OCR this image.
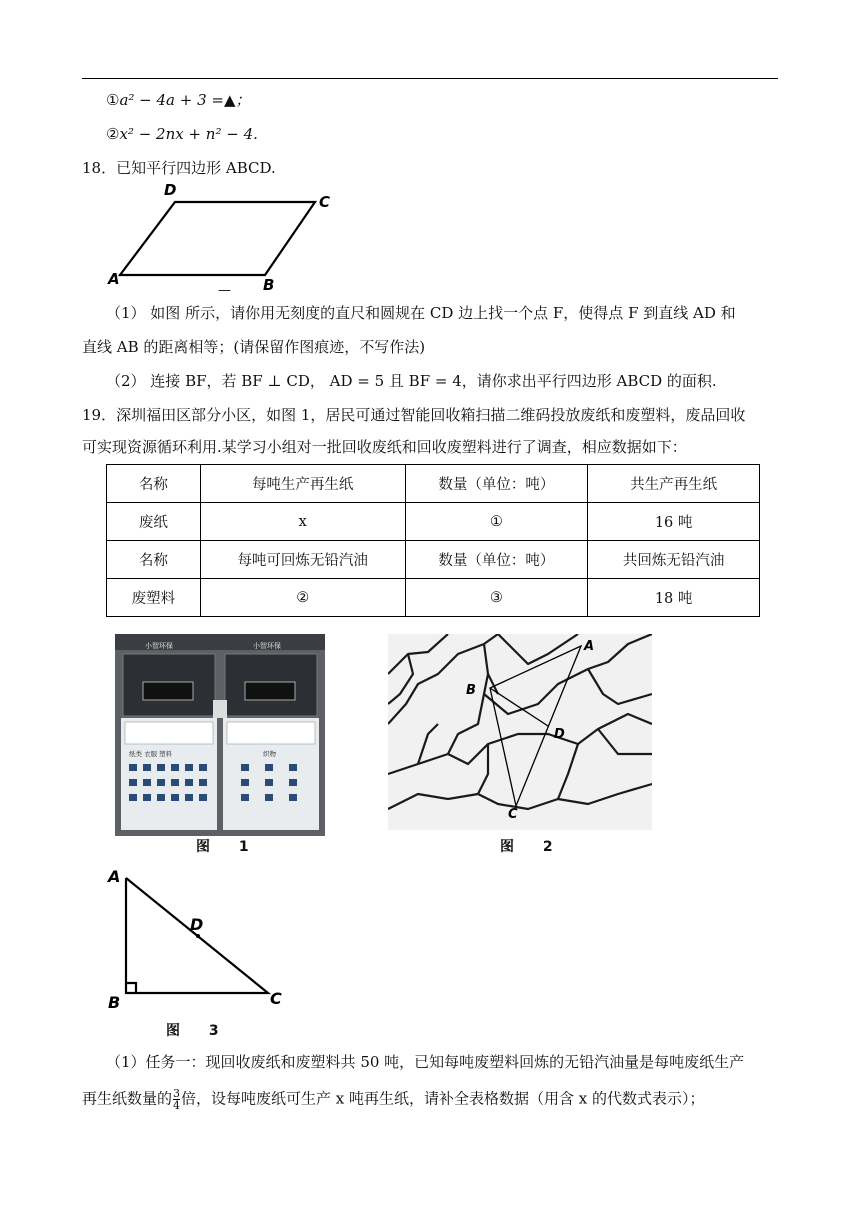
①a² − 4a + 3 =▲；
②x² − 2nx + n² − 4.
18．已知平行四边形 ABCD.
A	B
C
D
—
（1） 如图 所示，请你用无刻度的直尺和圆规在 CD 边上找一个点 F，使得点 F 到直线 AD 和
直线 AB 的距离相等；(请保留作图痕迹，不写作法)
（2） 连接 BF，若 BF ⊥ CD， AD = 5 且 BF = 4，请你求出平行四边形 ABCD 的面积.
19．深圳福田区部分小区，如图 1，居民可通过智能回收箱扫描二维码投放废纸和废塑料，废品回收
可实现资源循环利用.某学习小组对一批回收废纸和回收废塑料进行了调查，相应数据如下：
名称	每吨生产再生纸	数量（单位：吨）	共生产再生纸
废纸	x	①	16 吨
名称	每吨可回炼无铅汽油	数量（单位：吨）	共回炼无铅汽油
废塑料	②	③	18 吨
小智环保	小智环保
纸类 衣服 塑料	织物
图 1
A
B
C
D
图 2
A
B	C
D
图 3
（1）任务一：现回收废纸和废塑料共 50 吨，已知每吨废塑料回炼的无铅汽油量是每吨废纸生产
再生纸数量的 $\frac{3}{4}$ 倍，设每吨废纸可生产 x 吨再生纸，请补全表格数据（用含 x 的代数式表示）；
